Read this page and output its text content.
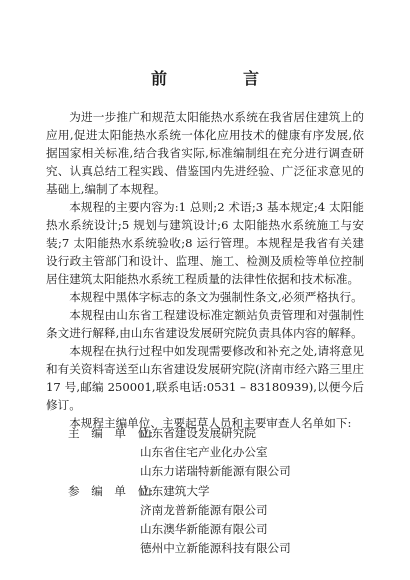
前　言

为进一步推广和规范太阳能热水系统在我省居住建筑上的应用,促进太阳能热水系统一体化应用技术的健康有序发展,依据国家相关标准,结合我省实际,标准编制组在充分进行调查研究、认真总结工程实践、借鉴国内先进经验、广泛征求意见的基础上,编制了本规程。

本规程的主要内容为:1 总则;2 术语;3 基本规定;4 太阳能热水系统设计;5 规划与建筑设计;6 太阳能热水系统施工与安装;7 太阳能热水系统验收;8 运行管理。本规程是我省有关建设行政主管部门和设计、监理、施工、检测及质检等单位控制居住建筑太阳能热水系统工程质量的法律性依据和技术标准。

本规程中黑体字标志的条文为强制性条文,必须严格执行。

本规程由山东省工程建设标准定额站负责管理和对强制性条文进行解释,由山东省建设发展研究院负责具体内容的解释。

本规程在执行过程中如发现需要修改和补充之处,请将意见和有关资料寄送至山东省建设发展研究院(济南市经六路三里庄17 号,邮编 250001,联系电话:0531 – 83180939),以便今后修订。

本规程主编单位、主要起草人员和主要审查人名单如下:

主　编　单　位:
山东省建设发展研究院
山东省住宅产业化办公室
山东力诺瑞特新能源有限公司
参　编　单　位:
山东建筑大学
济南龙普新能源有限公司
山东澳华新能源有限公司
德州中立新能源科技有限公司
